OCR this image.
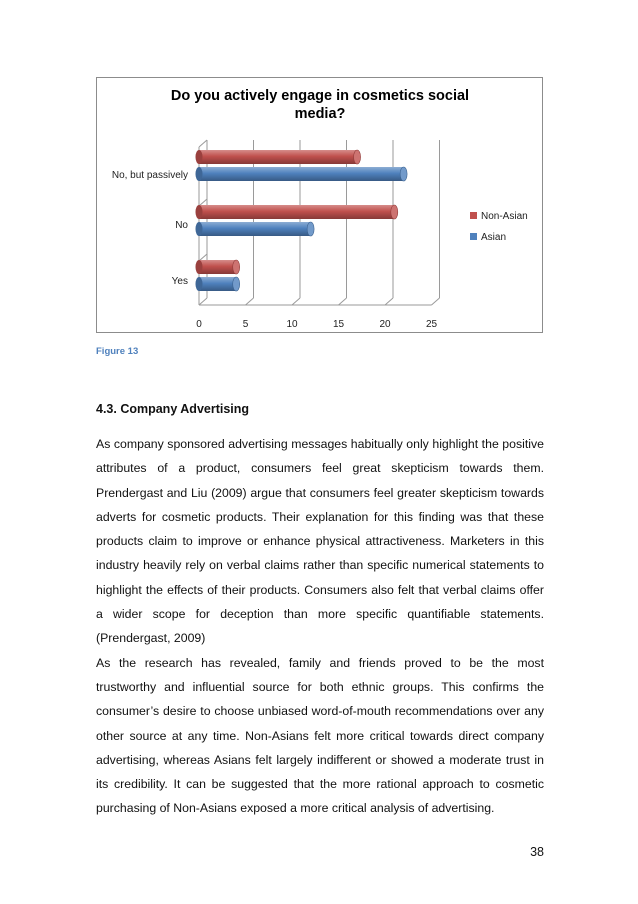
Do you actively engage in cosmetics social media?
0	5	10	15	20	25
Yes
No
No, but passively
Non-Asian
Asian
Figure 13
4.3. Company Advertising

As company sponsored advertising messages habitually only highlight the positive attributes of a product, consumers feel great skepticism towards them. Prendergast and Liu (2009) argue that consumers feel greater skepticism towards adverts for cosmetic products. Their explanation for this finding was that these products claim to improve or enhance physical attractiveness. Marketers in this industry heavily rely on verbal claims rather than specific numerical statements to highlight the effects of their products. Consumers also felt that verbal claims offer a wider scope for deception than more specific quantifiable statements. (Prendergast, 2009)

As the research has revealed, family and friends proved to be the most trustworthy and influential source for both ethnic groups. This confirms the consumer’s desire to choose unbiased word-of-mouth recommendations over any other source at any time. Non-Asians felt more critical towards direct company advertising, whereas Asians felt largely indifferent or showed a moderate trust in its credibility. It can be suggested that the more rational approach to cosmetic purchasing of Non-Asians exposed a more critical analysis of advertising.

38
